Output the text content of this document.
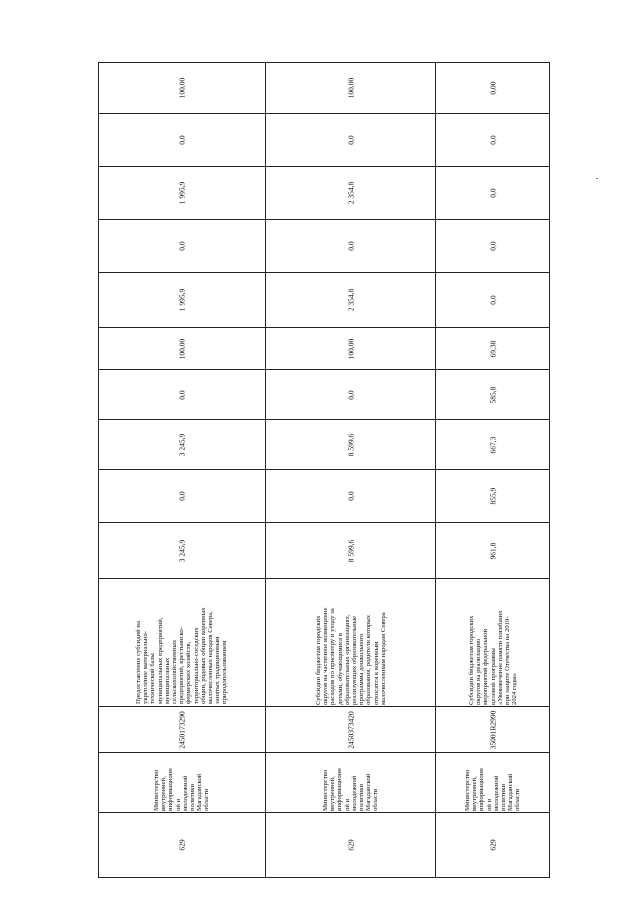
100,00
0,0
1 995,9
0,0
1 995,9
100,00
0,0
3 245,9
0,0
3 245,9
Предоставление субсидий на
укрепление материально-
технической базы
муниципальных предприятий,
муниципальных
сельскохозяйственных
предприятий, крестьянско-
фермерских хозяйств,
территориально-соседских
общин, родовых общин коренных
малочисленных народов Севера,
занятых традиционным
природопользованием
2450173290
Министерство
внутренней,
информационн
ой и
молодежной
политики
Магаданской
области
629
100,00
0,0
2 354,8
0,0
2 354,8
100,00
0,0
8 599,6
0,0
8 599,6
Субсидии бюджетам городских
округов на частичное возмещение
расходов по присмотру и уходу за
детьми, обучающимися в
образовательных организациях,
реализующих образовательные
программы дошкольного
образования, родители которых
относятся к коренным
малочисленным народам Севера
2450373420
Министерство
внутренней,
информационн
ой и
молодежной
политики
Магаданской
области
629
0,00
0,0
0,0
0,0
0,0
69,38
585,8
667,3
855,9
961,8
Субсидии бюджетам городских
округов на реализацию
мероприятий федеральной
целевой программы
«Увековечение памяти погибших
при защите Отечества на 2019-
2024 годы»
35001R2990
Министерство
внутренней,
информационн
ой и
молодежной
политики
Магаданской
области
629
